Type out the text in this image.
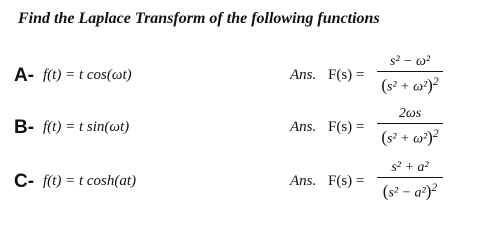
Find the Laplace Transform of the following functions
A- f(t) = t cos(ωt)	Ans. F(s) =
s² − ω²
$(s^2 + \omega^2)^2$
B- f(t) = t sin(ωt)	Ans. F(s) =
2ωs
$(s^2 + \omega^2)^2$
C- f(t) = t cosh(at)	Ans. F(s) =
s² + a²
$(s^2 - a^2)^2$
